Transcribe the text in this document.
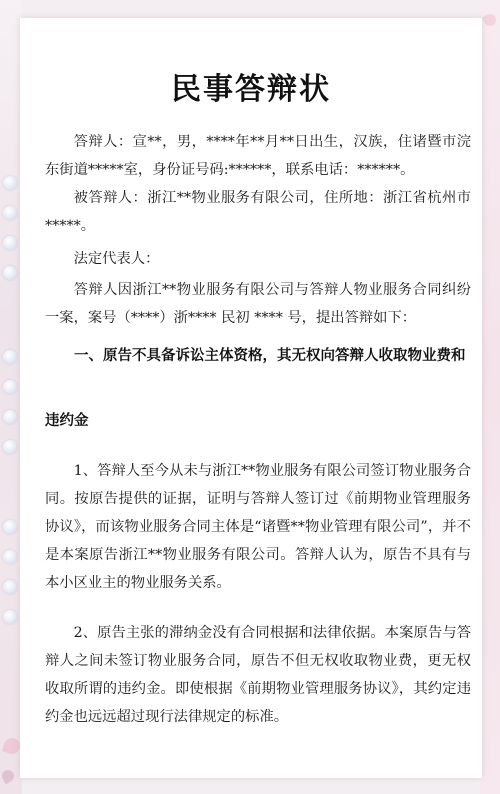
民事答辩状

答辩人：宣**，男，****年**月**日出生，汉族，住诸暨市浣东街道*****室，身份证号码:******，联系电话：******。

被答辩人：浙江**物业服务有限公司，住所地：浙江省杭州市*****。

法定代表人：

答辩人因浙江**物业服务有限公司与答辩人物业服务合同纠纷一案，案号（****）浙**** 民初 **** 号，提出答辩如下：

一、原告不具备诉讼主体资格，其无权向答辩人收取物业费和

违约金

1、答辩人至今从未与浙江**物业服务有限公司签订物业服务合同。按原告提供的证据，证明与答辩人签订过《前期物业管理服务协议》，而该物业服务合同主体是“诸暨**物业管理有限公司”，并不是本案原告浙江**物业服务有限公司。答辩人认为，原告不具有与本小区业主的物业服务关系。

2、原告主张的滞纳金没有合同根据和法律依据。本案原告与答辩人之间未签订物业服务合同，原告不但无权收取物业费，更无权收取所谓的违约金。即使根据《前期物业管理服务协议》，其约定违约金也远远超过现行法律规定的标准。
